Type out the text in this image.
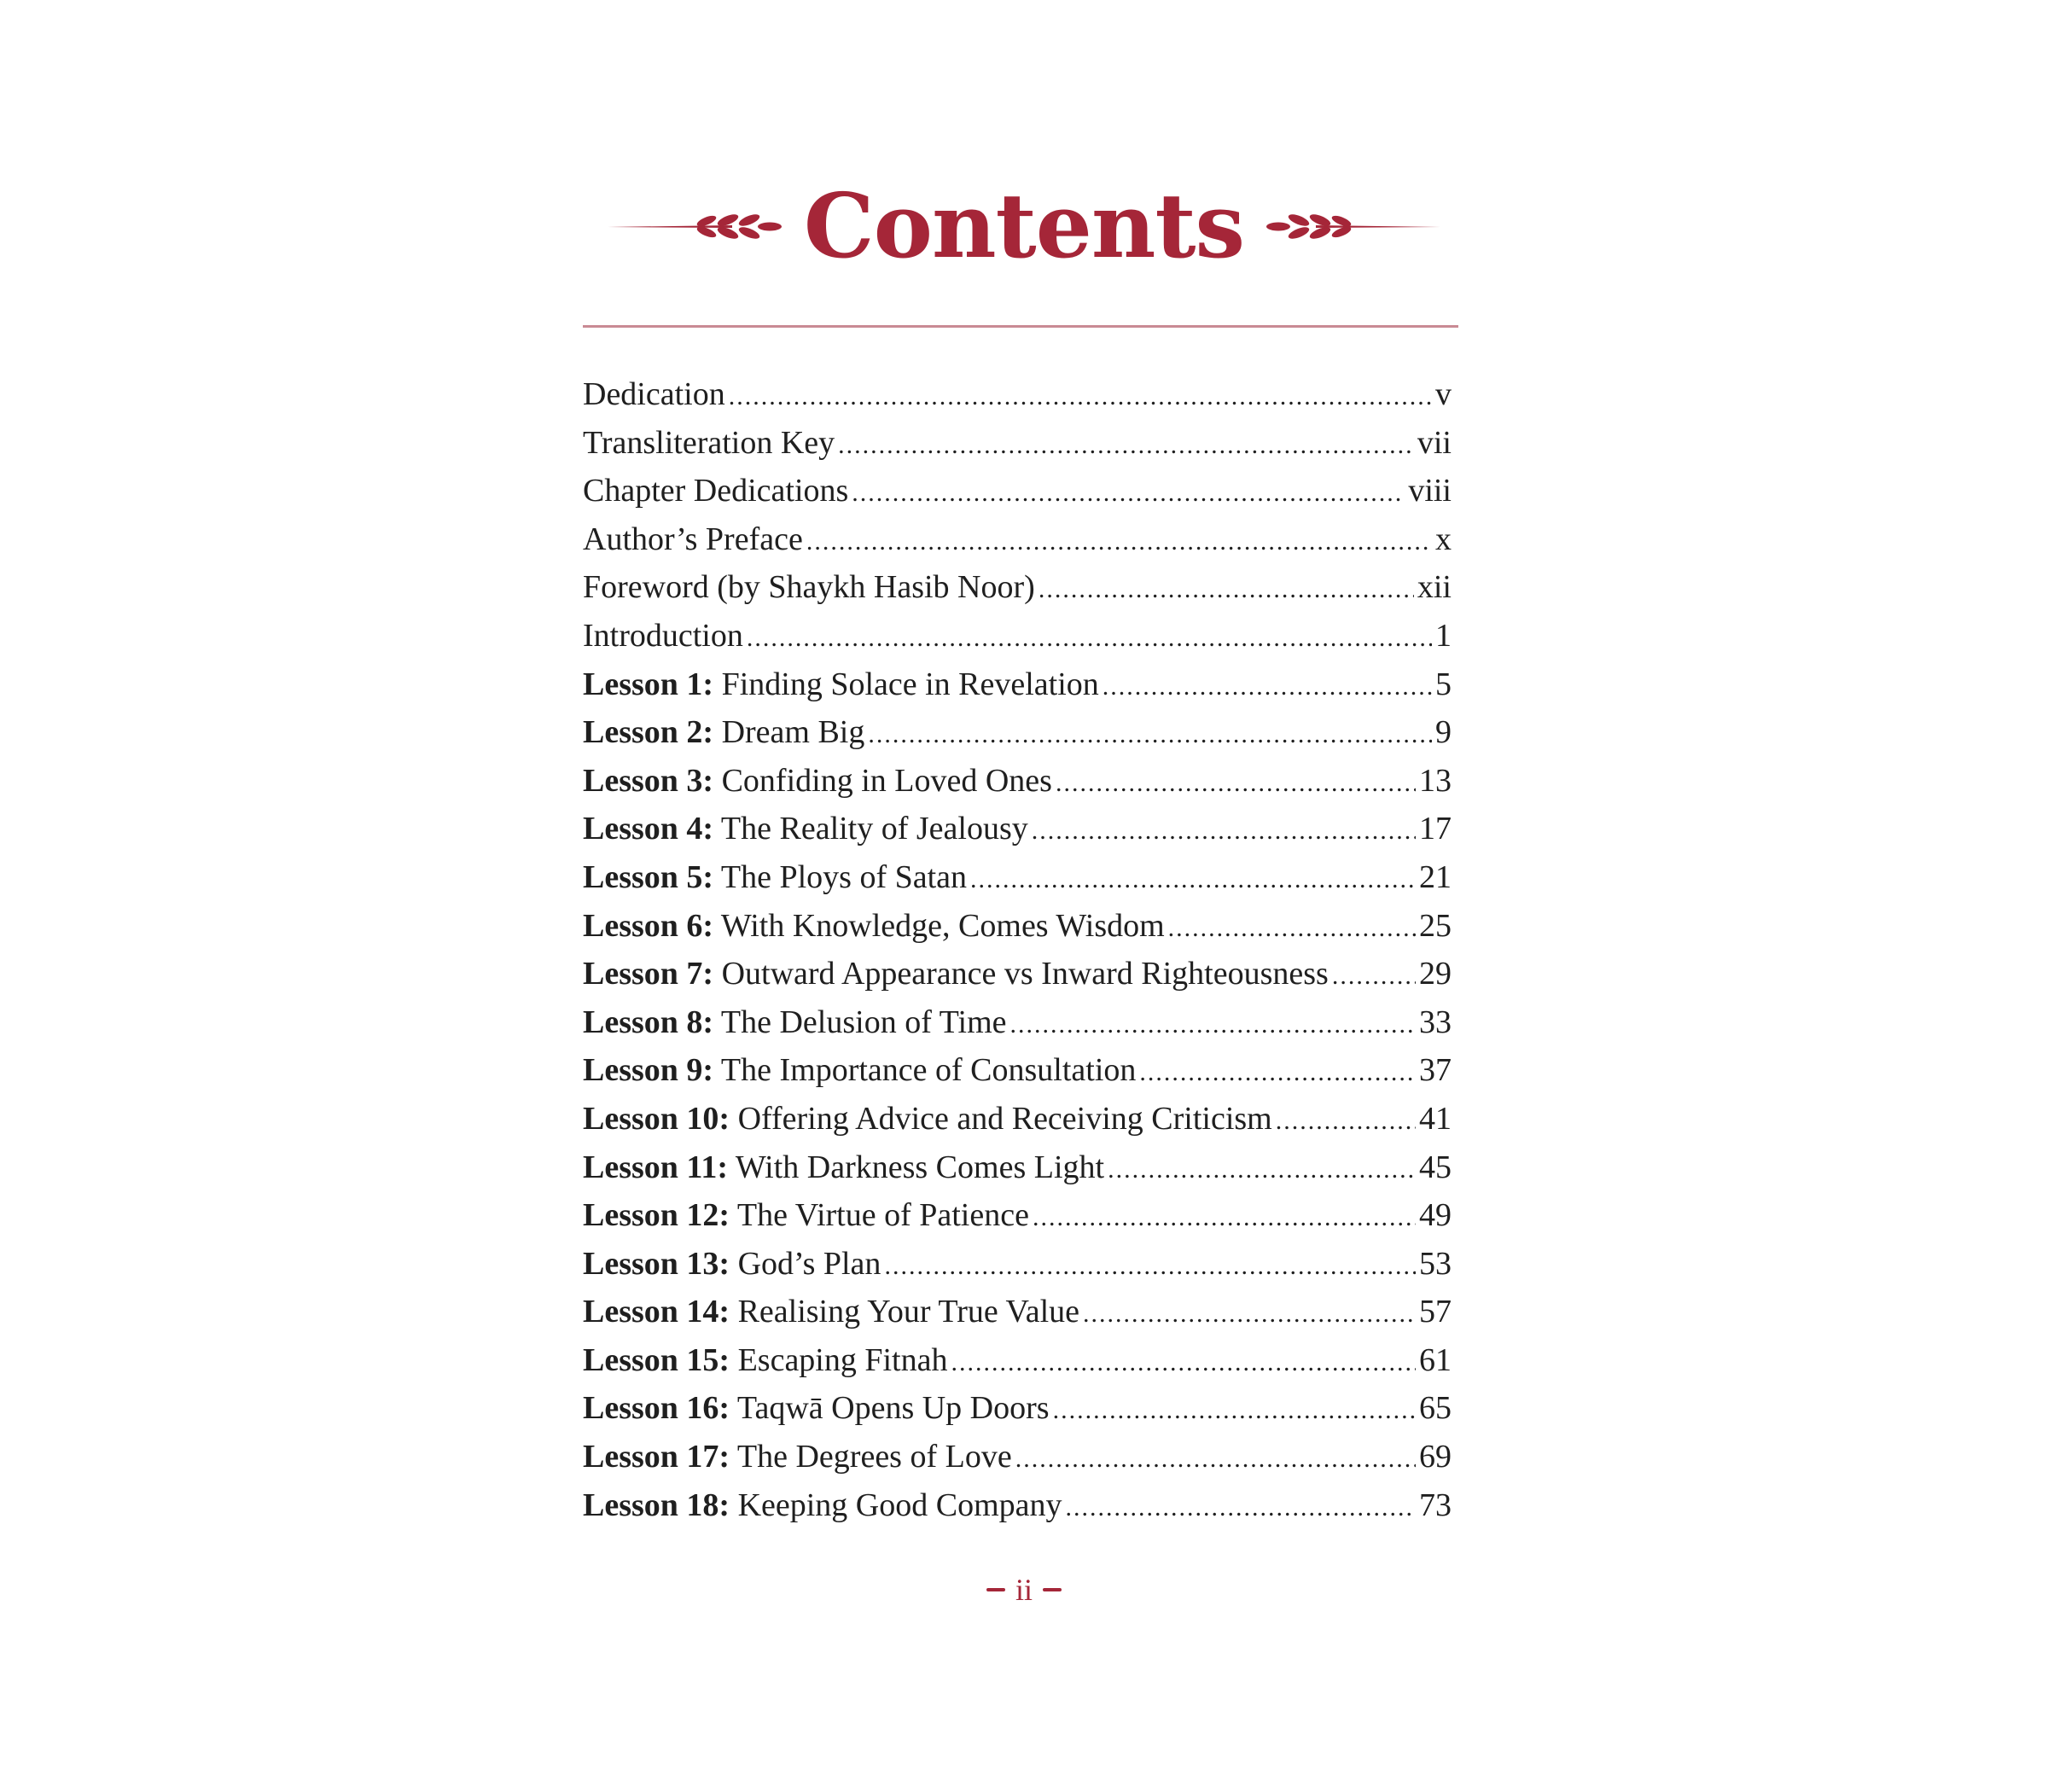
Contents
Dedication .....	v
Transliteration Key .....	vii
Chapter Dedications .....	viii
Author’s Preface .....	x
Foreword (by Shaykh Hasib Noor) .....	xii
Introduction .....	1
Lesson 1: Finding Solace in Revelation .....	5
Lesson 2: Dream Big .....	9
Lesson 3: Confiding in Loved Ones .....	13
Lesson 4: The Reality of Jealousy .....	17
Lesson 5: The Ploys of Satan .....	21
Lesson 6: With Knowledge, Comes Wisdom .....	25
Lesson 7: Outward Appearance vs Inward Righteousness .....	29
Lesson 8: The Delusion of Time .....	33
Lesson 9: The Importance of Consultation .....	37
Lesson 10: Offering Advice and Receiving Criticism .....	41
Lesson 11: With Darkness Comes Light .....	45
Lesson 12: The Virtue of Patience .....	49
Lesson 13: God’s Plan .....	53
Lesson 14: Realising Your True Value .....	57
Lesson 15: Escaping Fitnah .....	61
Lesson 16: Taqwā Opens Up Doors .....	65
Lesson 17: The Degrees of Love .....	69
Lesson 18: Keeping Good Company .....	73
ii
